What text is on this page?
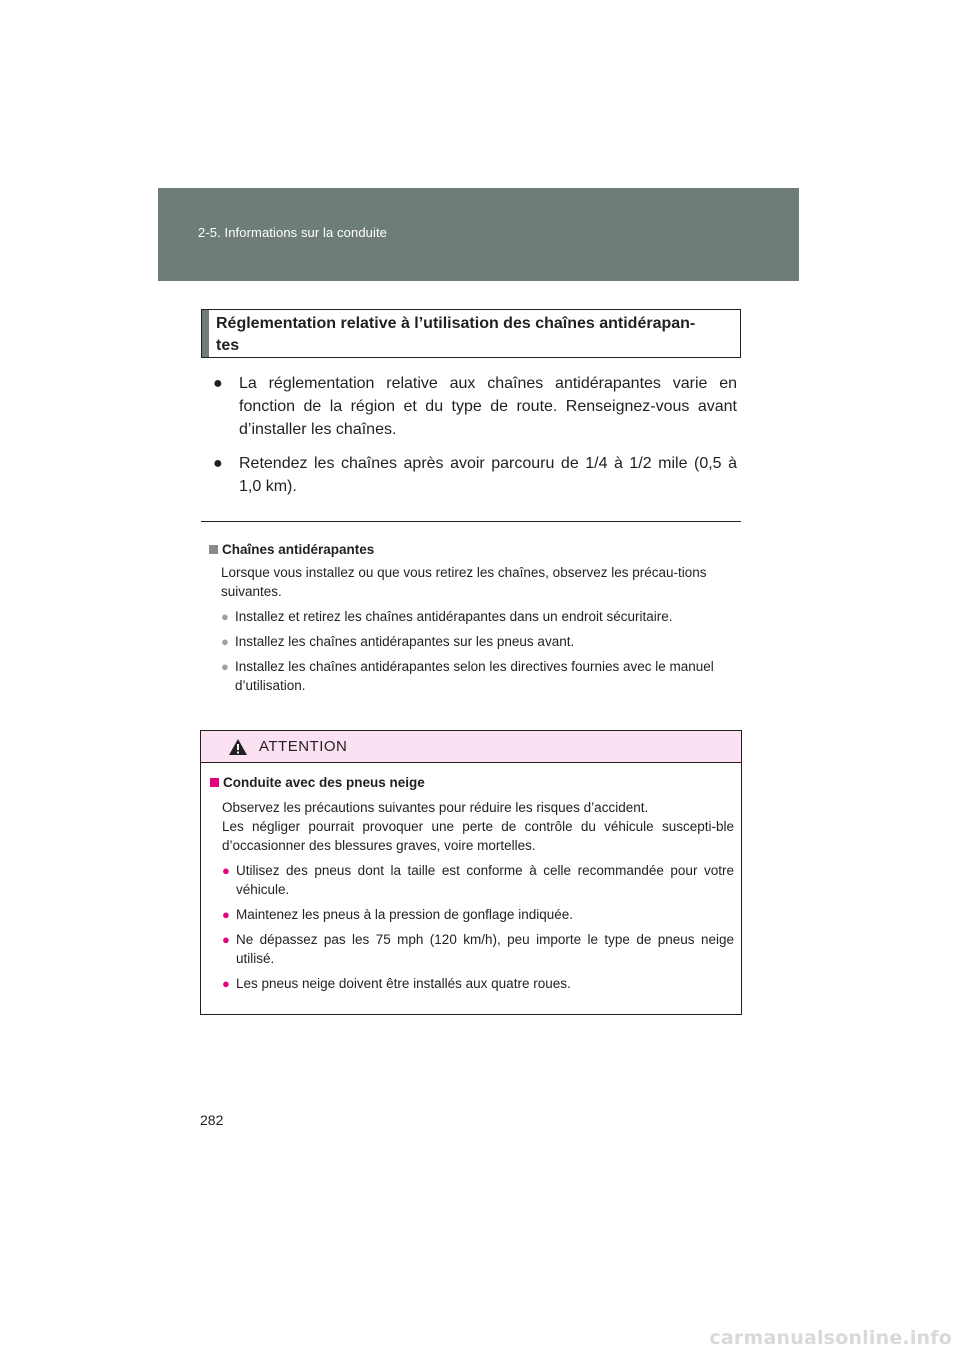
2-5. Informations sur la conduite
Réglementation relative à l’utilisation des chaînes antidérapan-
tes
● La réglementation relative aux chaînes antidérapantes varie en fonction de la région et du type de route. Renseignez-vous avant d’installer les chaînes.
● Retendez les chaînes après avoir parcouru de 1/4 à 1/2 mile (0,5 à 1,0 km).
Chaînes antidérapantes
Lorsque vous installez ou que vous retirez les chaînes, observez les précau-tions suivantes.
● Installez et retirez les chaînes antidérapantes dans un endroit sécuritaire.
● Installez les chaînes antidérapantes sur les pneus avant.
● Installez les chaînes antidérapantes selon les directives fournies avec le manuel d’utilisation.
ATTENTION
Conduite avec des pneus neige
Observez les précautions suivantes pour réduire les risques d’accident.
Les négliger pourrait provoquer une perte de contrôle du véhicule suscepti-ble d’occasionner des blessures graves, voire mortelles.
● Utilisez des pneus dont la taille est conforme à celle recommandée pour votre véhicule.
● Maintenez les pneus à la pression de gonflage indiquée.
● Ne dépassez pas les 75 mph (120 km/h), peu importe le type de pneus neige utilisé.
● Les pneus neige doivent être installés aux quatre roues.
282
carmanualsonline.info
